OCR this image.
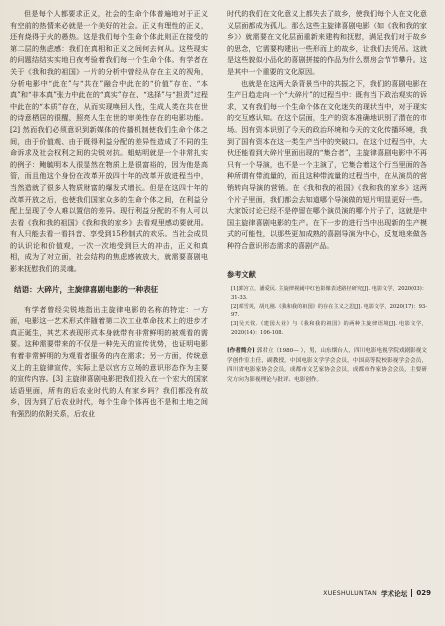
但是每个人都要求正义，社会的生命个体普遍地对于正义有空前的热情来必就是一个美好的社会。正义有理性的正义，还有烧得于火的愚热。这是我们每个生命个体此则正在接受的第二层的焦虑感：我们在真相和正义之间何去何从。这些现实的问题结结实实地日夜考验着我们每一个生命个体。有学者在关于《我和我的祖国》一片的分析中曾经从存在主义的视角，分析电影中“此在”与“共在”融合中此在的“价值”存在、“本真”和“非本真”张力中此在的“真实”存在、“选择”与“担责”过程中此在的“本质”存在，从而实现唤回人性，生成人类在共在世的诗意栖居的很醒，照亮人生在世的审美性存在的电影功能。[2] 然而我们必须意识到新媒体的传播机制使我们生命个体之间，由于价值观、由于既得利益分配的差异性造成了不同的生命诉求及社会权利之间的尖锐对抗。蛆蛄明就是一个非常扎实的例子：鲍毓明本人很显然在物质上是很富裕的，因为他是高管，而且他这个身份在改革开放四十年的改革开放进程当中，当然造就了很多人物质财富的爆发式增长。但是在这四十年的改革开放之后，也使我们国家众多的生命个体之间，在利益分配上呈现了令人难以置信的差异。现行利益分配的不有人可以去看《我和我的祖国》《我和我的家乡》去看观里感动要就用。有人只能去看一看抖音、享受到15秒制式的欢乐。当社会成员的认识论和价值观，一次一次地受到巨大的冲击，正义和真相，成为了对立面，社会结构的焦虑感被放大，就需要喜剧电影来抚慰我们的灵魂。

结语：大碎片，主旋律喜剧电影的一种表征

有学者曾经尖锐地指出主旋律电影的名称的特定：一方面，电影这一艺术形式伴随着第二次工业革命技术上的进步才真正诞生，其艺术表现形式本身就带有非常鲜明的被观看的需要。这种需要带来的不仅是一种先天的宣传优势，也证明电影有着非常鲜明的为观看者服务的内在需求；另一方面，传统意义上的主旋律宣传，实际上是以官方立场的意识形态作为主要的宣传内容。[3] 主旋律喜剧电影把我们投入在一个宏大的国家话语里面，所有的后农业时代的人有家乡吗？我们都没有故乡，因为到了后农业时代，每个生命个体再也不是和土地之间有强烈的依附关系，后农业

时代的我们在文化意义上都失去了故乡，使我们每个人在文化意义层面都成为孤儿。那么这些主旋律喜剧电影（如《我和我的家乡》）就需要在文化层面重新来建构和抚慰，满足我们对于故乡的思念，它需要构建出一些形而上的故乡，让我们去凭吊。这就是这些貌似小品化的喜剧拼接的作品为什么票房会节节攀升。这是其中一个重要的文化原因。

也就是在这两大条背景当中的共振之下，我们的喜剧电影在生产日趋走向一个“大碎片”的过程当中：既有当下政治观实的诉求，又有我们每一个生命个体在文化迷失的现状当中，对于现实的交互感认知。在这个层面，生产的资本准确地识别了潜在的市场。因有资本识别了今天的政治环境和今天的文化传播环境，我到了国有资本在这一类生产当中的突破口。在这个过程当中，大伙还能看到大碎片里面出现的“集合者”，主旋律喜剧电影中不再只有一个导演，也不是一个主演了，它集合着这个行当里面的各种所谓有带流量的，而且这种带流量的过程当中，在从演员的营销转向导演的营销。在《我和我的祖国》《我和我的家乡》这两个片子里面，我们都会去知道哪个导演做的短片明显更好一些。大家饭讨论已经不是停留在哪个演员演的哪个片子了，这就是中国主旋律喜剧电影的生产。在下一步的进行当中出现新的生产模式的可能性，以那些更加成熟的喜剧导演为中心，反复地来做各种符合意识形态需求的喜剧产品。

参考文献
[1]郭宫立，潘爱民. 主旋律视阈中红色影像表述路径研究[J]. 电影文学，2020(03)：31-33.
[2]邓雪英，胡凡刚.《我和我的祖国》的存在主义之思[J]. 电影文学，2020(17)：93-97.
[3]吴天钦.《建国大业》与《我和我的祖国》的两种主旋律语境[J]. 电影文学，2020(14)：106-108.
[作者简介] 郭君立（1980— ），男，山东烟台人，四川电影电视学院戏剧影视文学创作室主任，副教授，中国电影文学学会会员，中国高等院校影视学会会员，四川省电影家协会会员，成都市文艺家协会会员，成都市作家协会会员，主要研究方向为影视理论与批评、电影创作。
XUESHULUNTAN 学术论坛 029
